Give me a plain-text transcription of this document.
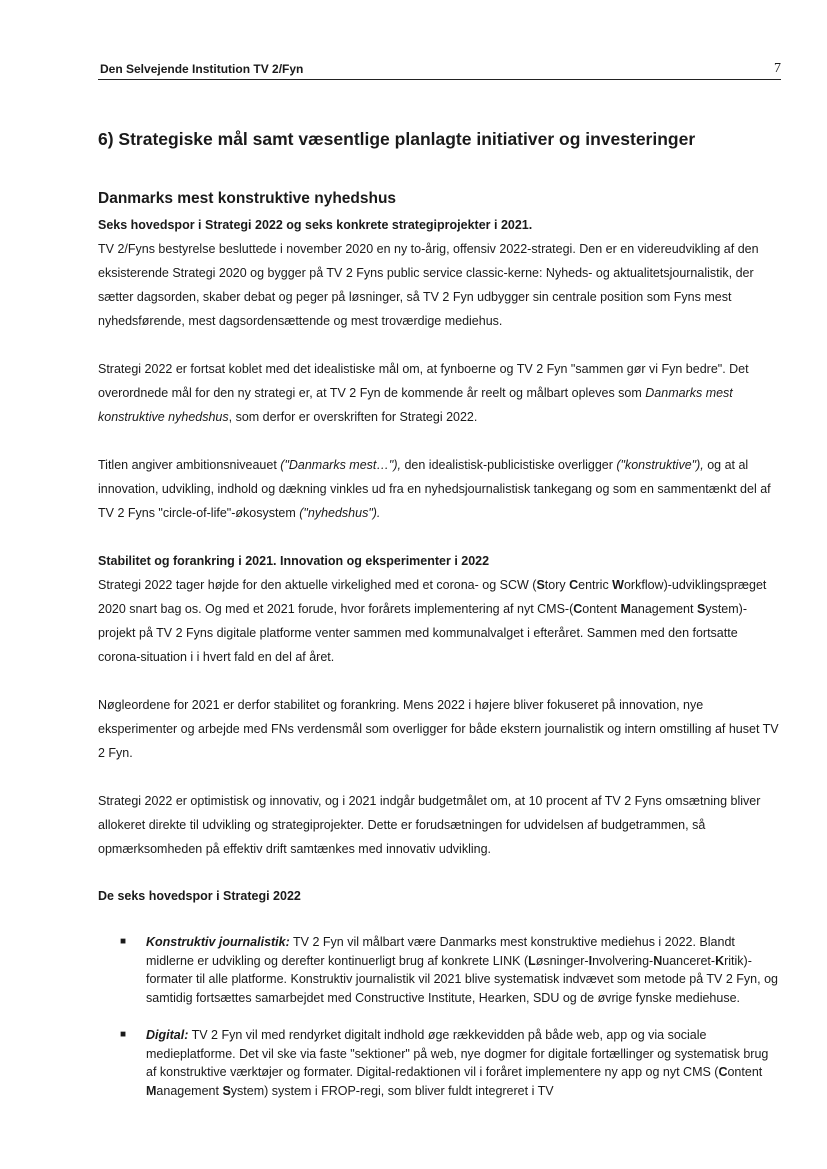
Den Selvejende Institution TV 2/Fyn	7
6) Strategiske mål samt væsentlige planlagte initiativer og investeringer
Danmarks mest konstruktive nyhedshus
Seks hovedspor i Strategi 2022 og seks konkrete strategiprojekter i 2021.

TV 2/Fyns bestyrelse besluttede i november 2020 en ny to-årig, offensiv 2022-strategi. Den er en videreudvikling af den eksisterende Strategi 2020 og bygger på TV 2 Fyns public service classic-kerne: Nyheds- og aktualitetsjournalistik, der sætter dagsorden, skaber debat og peger på løsninger, så TV 2 Fyn udbygger sin centrale position som Fyns mest nyhedsførende, mest dagsordensættende og mest troværdige mediehus.

Strategi 2022 er fortsat koblet med det idealistiske mål om, at fynboerne og TV 2 Fyn "sammen gør vi Fyn bedre". Det overordnede mål for den ny strategi er, at TV 2 Fyn de kommende år reelt og målbart opleves som Danmarks mest konstruktive nyhedshus, som derfor er overskriften for Strategi 2022.

Titlen angiver ambitionsniveauet ("Danmarks mest…"), den idealistisk-publicistiske overligger ("konstruktive"), og at al innovation, udvikling, indhold og dækning vinkles ud fra en nyhedsjournalistisk tankegang og som en sammentænkt del af TV 2 Fyns "circle-of-life"-økosystem ("nyhedshus").

Stabilitet og forankring i 2021. Innovation og eksperimenter i 2022

Strategi 2022 tager højde for den aktuelle virkelighed med et corona- og SCW (Story Centric Workflow)-udviklingspræget 2020 snart bag os. Og med et 2021 forude, hvor forårets implementering af nyt CMS-(Content Management System)-projekt på TV 2 Fyns digitale platforme venter sammen med kommunalvalget i efteråret. Sammen med den fortsatte corona-situation i i hvert fald en del af året.

Nøgleordene for 2021 er derfor stabilitet og forankring. Mens 2022 i højere bliver fokuseret på innovation, nye eksperimenter og arbejde med FNs verdensmål som overligger for både ekstern journalistik og intern omstilling af huset TV 2 Fyn.

Strategi 2022 er optimistisk og innovativ, og i 2021 indgår budgetmålet om, at 10 procent af TV 2 Fyns omsætning bliver allokeret direkte til udvikling og strategiprojekter. Dette er forudsætningen for udvidelsen af budgetrammen, så opmærksomheden på effektiv drift samtænkes med innovativ udvikling.

De seks hovedspor i Strategi 2022
■ Konstruktiv journalistik: TV 2 Fyn vil målbart være Danmarks mest konstruktive mediehus i 2022. Blandt midlerne er udvikling og derefter kontinuerligt brug af konkrete LINK (Løsninger-Involvering-Nuanceret-Kritik)-formater til alle platforme. Konstruktiv journalistik vil 2021 blive systematisk indvævet som metode på TV 2 Fyn, og samtidig fortsættes samarbejdet med Constructive Institute, Hearken, SDU og de øvrige fynske mediehuse.
■ Digital: TV 2 Fyn vil med rendyrket digitalt indhold øge rækkevidden på både web, app og via sociale medieplatforme. Det vil ske via faste "sektioner" på web, nye dogmer for digitale fortællinger og systematisk brug af konstruktive værktøjer og formater. Digital-redaktionen vil i foråret implementere ny app og nyt CMS (Content Management System) system i FROP-regi, som bliver fuldt integreret i TV
